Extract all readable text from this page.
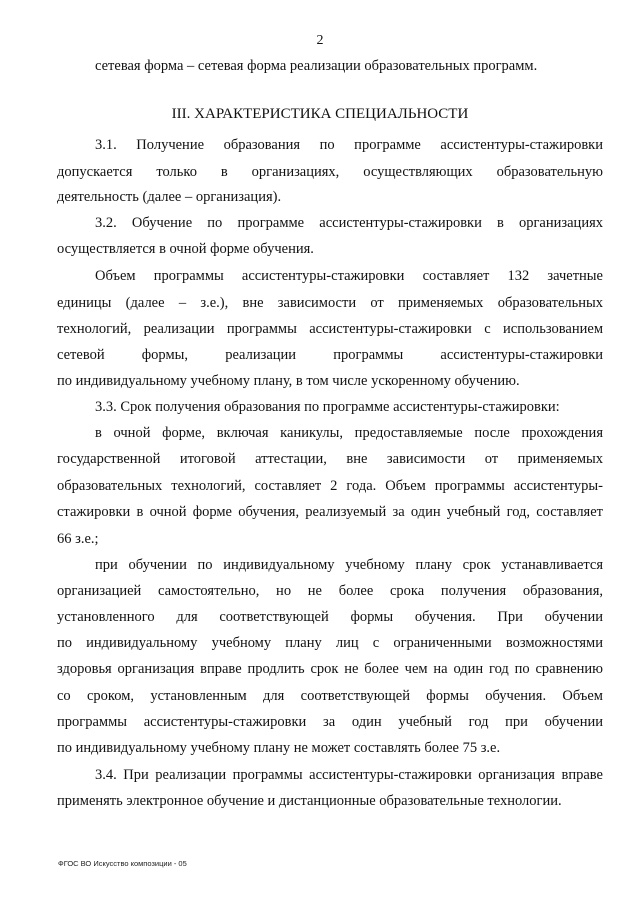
2
сетевая форма – сетевая форма реализации образовательных программ.
III. ХАРАКТЕРИСТИКА СПЕЦИАЛЬНОСТИ
3.1. Получение образования по программе ассистентуры-стажировки
допускается только в организациях, осуществляющих образовательную
деятельность (далее – организация).
3.2. Обучение по программе ассистентуры-стажировки в организациях
осуществляется в очной форме обучения.
Объем программы ассистентуры-стажировки составляет 132 зачетные
единицы (далее – з.е.), вне зависимости от применяемых образовательных
технологий, реализации программы ассистентуры-стажировки с использованием
сетевой формы, реализации программы ассистентуры-стажировки
по индивидуальному учебному плану, в том числе ускоренному обучению.
3.3. Срок получения образования по программе ассистентуры-стажировки:
в очной форме, включая каникулы, предоставляемые после прохождения
государственной итоговой аттестации, вне зависимости от применяемых
образовательных технологий, составляет 2 года. Объем программы ассистентуры-
стажировки в очной форме обучения, реализуемый за один учебный год, составляет
66 з.е.;
при обучении по индивидуальному учебному плану срок устанавливается
организацией самостоятельно, но не более срока получения образования,
установленного для соответствующей формы обучения. При обучении
по индивидуальному учебному плану лиц с ограниченными возможностями
здоровья организация вправе продлить срок не более чем на один год по сравнению
со сроком, установленным для соответствующей формы обучения. Объем
программы ассистентуры-стажировки за один учебный год при обучении
по индивидуальному учебному плану не может составлять более 75 з.е.
3.4. При реализации программы ассистентуры-стажировки организация вправе
применять электронное обучение и дистанционные образовательные технологии.
ФГОС ВО Искусство композиции - 05
